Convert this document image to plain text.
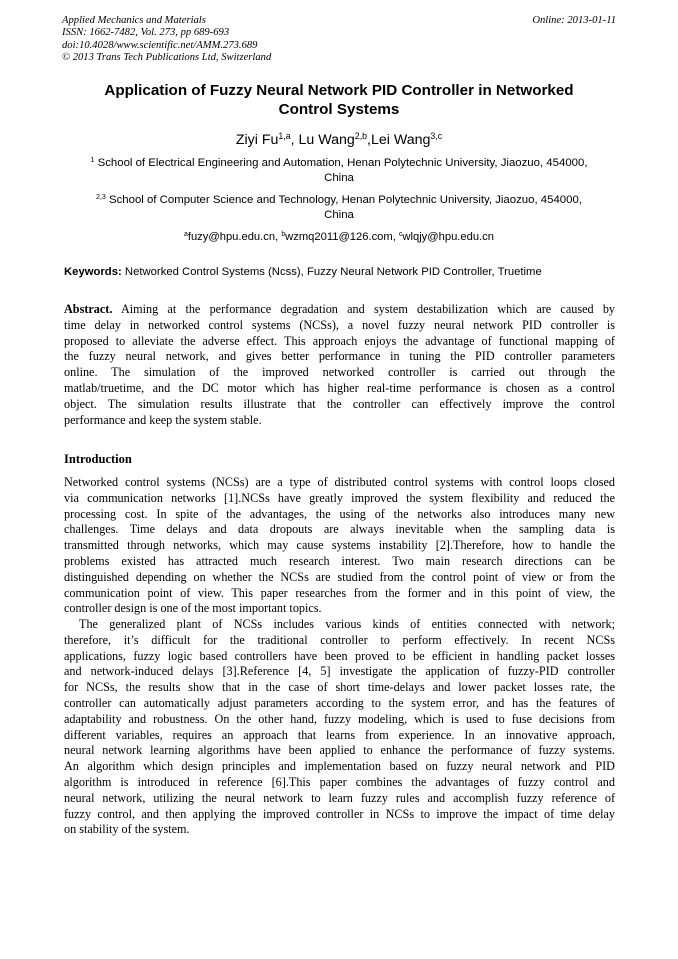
Applied Mechanics and Materials
ISSN: 1662-7482, Vol. 273, pp 689-693
doi:10.4028/www.scientific.net/AMM.273.689
© 2013 Trans Tech Publications Ltd, Switzerland
Online: 2013-01-11
Application of Fuzzy Neural Network PID Controller in Networked
Control Systems
Ziyi Fu$^{1,a}$, Lu Wang$^{2,b}$,Lei Wang$^{3,c}$
$^1$ School of Electrical Engineering and Automation, Henan Polytechnic University, Jiaozuo, 454000,
China
$^{2,3}$ School of Computer Science and Technology, Henan Polytechnic University, Jiaozuo, 454000,
China
$^a$fuzy@hpu.edu.cn, $^b$wzmq2011@126.com, $^c$wlqjy@hpu.edu.cn
Keywords: Networked Control Systems (Ncss), Fuzzy Neural Network PID Controller, Truetime
Abstract. Aiming at the performance degradation and system destabilization which are caused by
time delay in networked control systems (NCSs), a novel fuzzy neural network PID controller is
proposed to alleviate the adverse effect. This approach enjoys the advantage of functional mapping of
the fuzzy neural network, and gives better performance in tuning the PID controller parameters
online. The simulation of the improved networked controller is carried out through the
matlab/truetime, and the DC motor which has higher real-time performance is chosen as a control
object. The simulation results illustrate that the controller can effectively improve the control
performance and keep the system stable.
Introduction
Networked control systems (NCSs) are a type of distributed control systems with control loops closed
via communication networks [1].NCSs have greatly improved the system flexibility and reduced the
processing cost. In spite of the advantages, the using of the networks also introduces many new
challenges. Time delays and data dropouts are always inevitable when the sampling data is
transmitted through networks, which may cause systems instability [2].Therefore, how to handle the
problems existed has attracted much research interest. Two main research directions can be
distinguished depending on whether the NCSs are studied from the control point of view or from the
communication point of view. This paper researches from the former and in this point of view, the
controller design is one of the most important topics.
The generalized plant of NCSs includes various kinds of entities connected with network;
therefore, it’s difficult for the traditional controller to perform effectively. In recent NCSs
applications, fuzzy logic based controllers have been proved to be efficient in handling packet losses
and network-induced delays [3].Reference [4, 5] investigate the application of fuzzy-PID controller
for NCSs, the results show that in the case of short time-delays and lower packet losses rate, the
controller can automatically adjust parameters according to the system error, and has the features of
adaptability and robustness. On the other hand, fuzzy modeling, which is used to fuse decisions from
different variables, requires an approach that learns from experience. In an innovative approach,
neural network learning algorithms have been applied to enhance the performance of fuzzy systems.
An algorithm which design principles and implementation based on fuzzy neural network and PID
algorithm is introduced in reference [6].This paper combines the advantages of fuzzy control and
neural network, utilizing the neural network to learn fuzzy rules and accomplish fuzzy reference of
fuzzy control, and then applying the improved controller in NCSs to improve the impact of time delay
on stability of the system.
